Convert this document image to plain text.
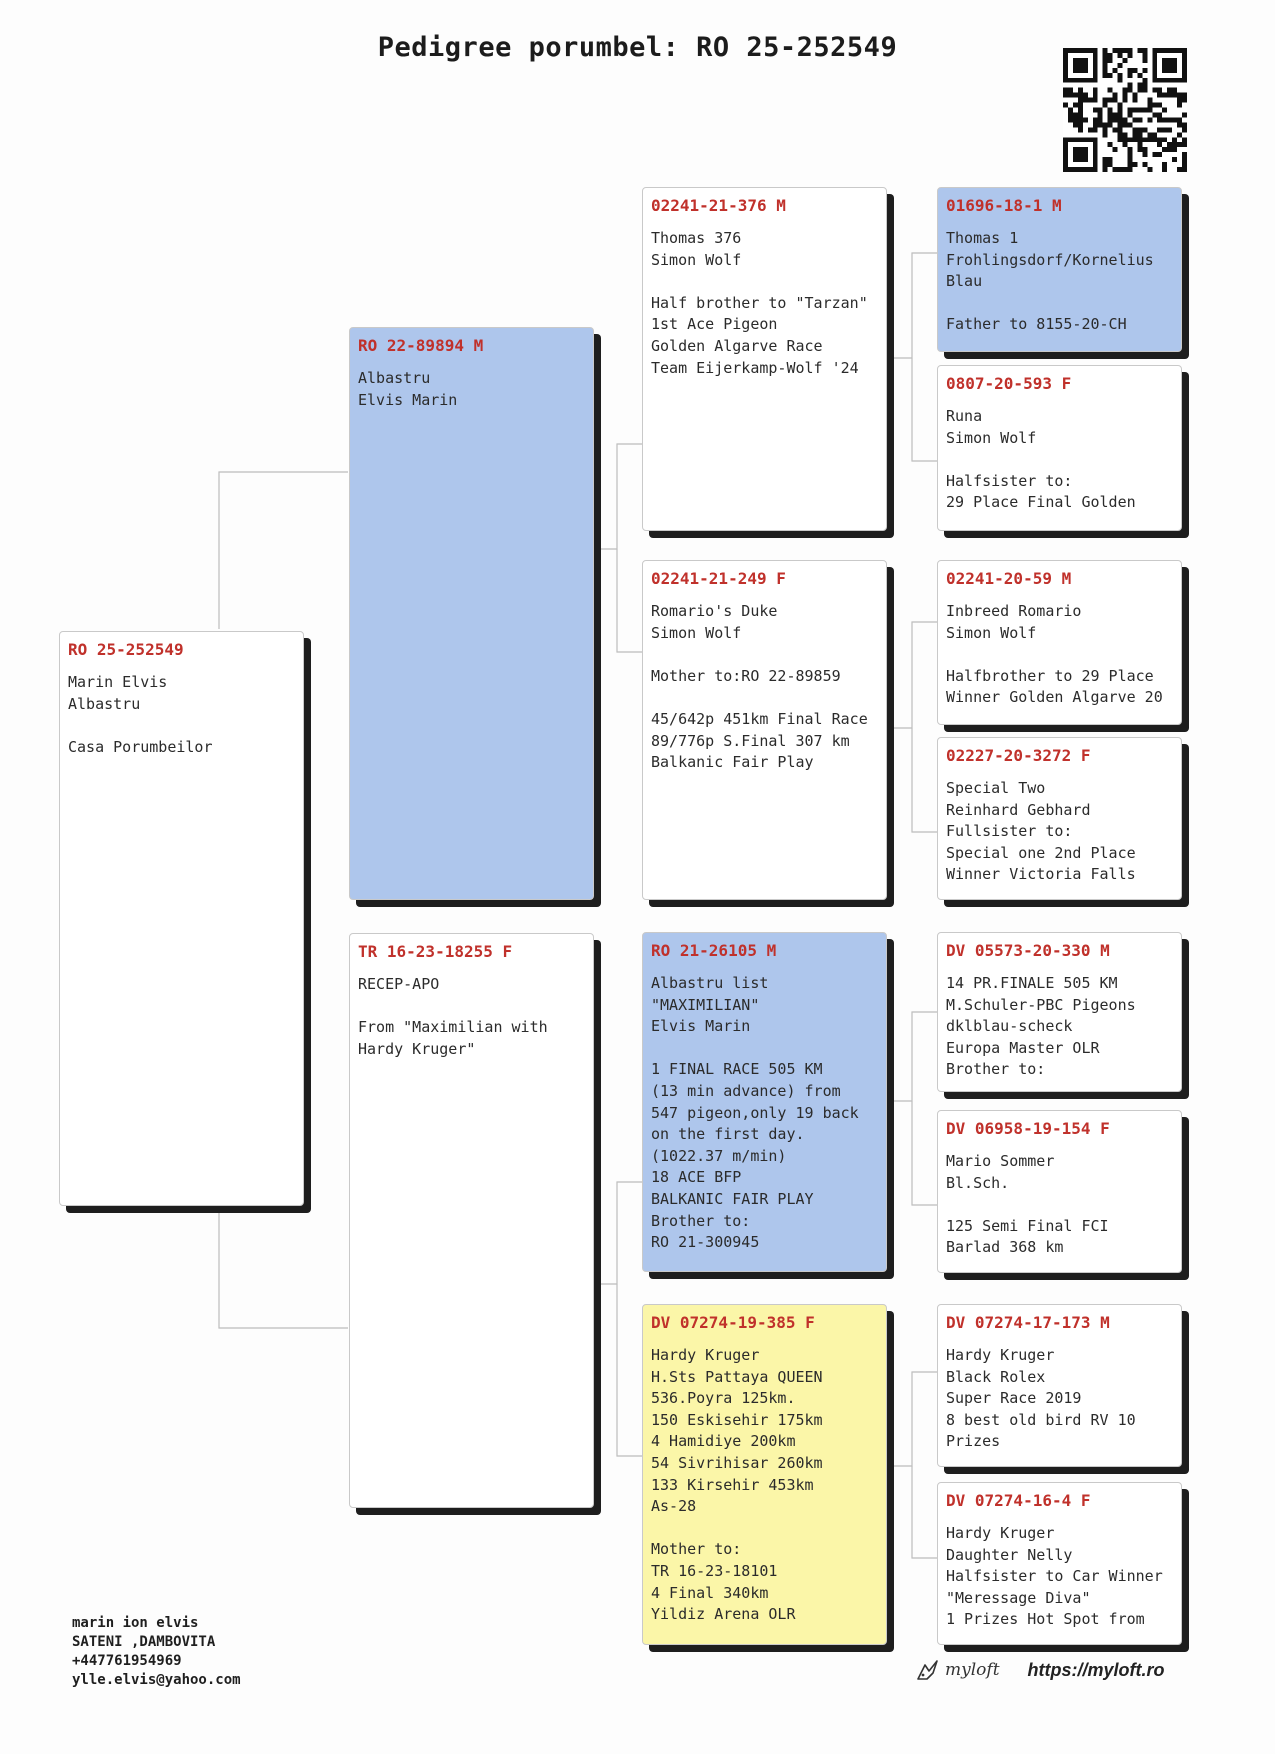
Pedigree porumbel: RO 25-252549
RO 25-252549
Marin Elvis
Albastru

Casa Porumbeilor
RO 22-89894 M
Albastru
Elvis Marin
TR 16-23-18255 F
RECEP-APO

From "Maximilian with
Hardy Kruger"
02241-21-376 M
Thomas 376
Simon Wolf

Half brother to "Tarzan"
1st Ace Pigeon
Golden Algarve Race
Team Eijerkamp-Wolf '24
02241-21-249 F
Romario's Duke
Simon Wolf

Mother to:RO 22-89859

45/642p 451km Final Race
89/776p S.Final 307 km
Balkanic Fair Play
RO 21-26105 M
Albastru list
"MAXIMILIAN"
Elvis Marin

1 FINAL RACE 505 KM
(13 min advance) from
547 pigeon,only 19 back
on the first day.
(1022.37 m/min)
18 ACE BFP
BALKANIC FAIR PLAY
Brother to:
RO 21-300945
DV 07274-19-385 F
Hardy Kruger
H.Sts Pattaya QUEEN
536.Poyra 125km.
150 Eskisehir 175km
4 Hamidiye 200km
54 Sivrihisar 260km
133 Kirsehir 453km
As-28

Mother to:
TR 16-23-18101
4 Final 340km
Yildiz Arena OLR
01696-18-1 M
Thomas 1
Frohlingsdorf/Kornelius
Blau

Father to 8155-20-CH
0807-20-593 F
Runa
Simon Wolf

Halfsister to:
29 Place Final Golden
02241-20-59 M
Inbreed Romario
Simon Wolf

Halfbrother to 29 Place
Winner Golden Algarve 20
02227-20-3272 F
Special Two
Reinhard Gebhard
Fullsister to:
Special one 2nd Place
Winner Victoria Falls
DV 05573-20-330 M
14 PR.FINALE 505 KM
M.Schuler-PBC Pigeons
dklblau-scheck
Europa Master OLR
Brother to:
DV 06958-19-154 F
Mario Sommer
Bl.Sch.

125 Semi Final FCI
Barlad 368 km
DV 07274-17-173 M
Hardy Kruger
Black Rolex
Super Race 2019
8 best old bird RV 10
Prizes
DV 07274-16-4 F
Hardy Kruger
Daughter Nelly
Halfsister to Car Winner
"Meressage Diva"
1 Prizes Hot Spot from
marin ion elvis
SATENI ,DAMBOVITA
+447761954969
ylle.elvis@yahoo.com	myloft https://myloft.ro
